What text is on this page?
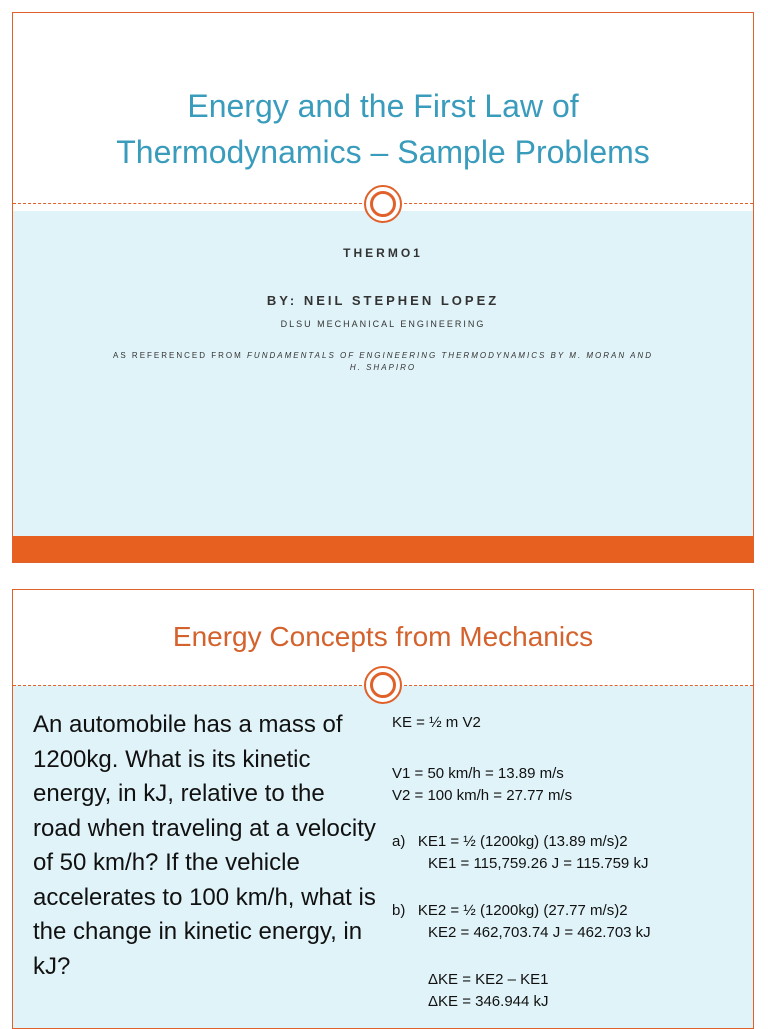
Energy and the First Law of
Thermodynamics – Sample Problems
THERMO1
BY: NEIL STEPHEN LOPEZ
DLSU MECHANICAL ENGINEERING
AS REFERENCED FROM FUNDAMENTALS OF ENGINEERING THERMODYNAMICS BY M. MORAN AND H. SHAPIRO
Energy Concepts from Mechanics
An automobile has a mass of 1200kg. What is its kinetic energy, in kJ, relative to the road when traveling at a velocity of 50 km/h? If the vehicle accelerates to 100 km/h, what is the change in kinetic energy, in kJ?
KE = ½ m V2
V1 = 50 km/h = 13.89 m/s
V2 = 100 km/h = 27.77 m/s
a)   KE1 = ½ (1200kg) (13.89 m/s)2
KE1 = 115,759.26 J = 115.759 kJ
b)   KE2 = ½ (1200kg) (27.77 m/s)2
KE2 = 462,703.74 J = 462.703 kJ
ΔKE = KE2 – KE1
ΔKE = 346.944 kJ
